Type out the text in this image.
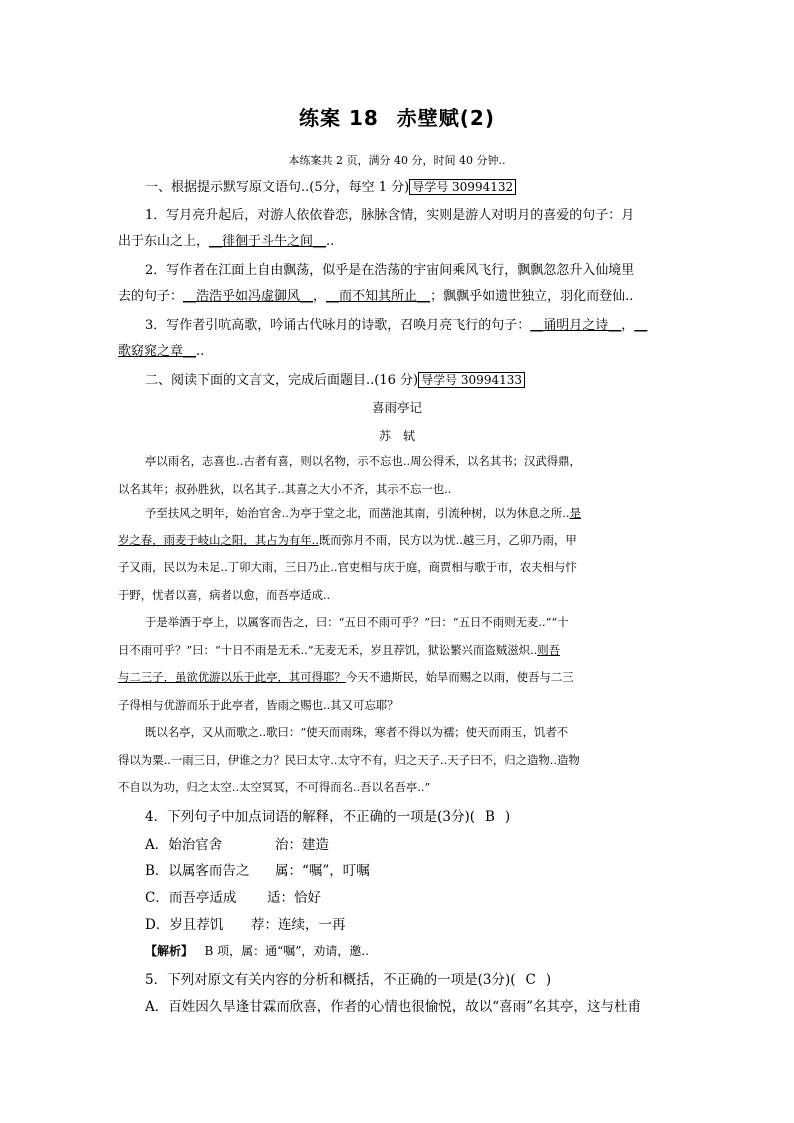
练案 18 赤壁赋(2)
本练案共 2 页，满分 40 分，时间 40 分钟..
一、根据提示默写原文语句..(5分，每空 1 分) 导学号 30994132
1．写月亮升起后，对游人依依眷恋，脉脉含情，实则是游人对明月的喜爱的句子：月
出于东山之上，__徘徊于斗牛之间__..
2．写作者在江面上自由飘荡，似乎是在浩荡的宇宙间乘风飞行，飘飘忽忽升入仙境里
去的句子：__浩浩乎如冯虚御风__，__而不知其所止__；飘飘乎如遗世独立，羽化而登仙..
3．写作者引吭高歌，吟诵古代咏月的诗歌，召唤月亮飞行的句子：__诵明月之诗__，__
歌窈窕之章__..
二、阅读下面的文言文，完成后面题目..(16 分) 导学号 30994133
喜雨亭记
苏　轼
亭以雨名，志喜也..古者有喜，则以名物，示不忘也..周公得禾，以名其书；汉武得鼎，
以名其年；叔孙胜狄，以名其子..其喜之大小不齐，其示不忘一也..
予至扶风之明年，始治官舍..为亭于堂之北，而凿池其南，引流种树，以为休息之所..是
岁之春，雨麦于岐山之阳，其占为有年..既而弥月不雨，民方以为忧..越三月，乙卯乃雨，甲
子又雨，民以为未足..丁卯大雨，三日乃止..官吏相与庆于庭，商贾相与歌于市，农夫相与忭
于野，忧者以喜，病者以愈，而吾亭适成..
于是举酒于亭上，以属客而告之，曰：“五日不雨可乎？”曰：“五日不雨则无麦..”“十
日不雨可乎？”曰：“十日不雨是无禾..”无麦无禾，岁且荐饥，狱讼繁兴而盗贼滋炽..则吾
与二三子，虽欲优游以乐于此亭，其可得耶？今天不遗斯民，始旱而赐之以雨，使吾与二三
子得相与优游而乐于此亭者，皆雨之赐也..其又可忘耶？
既以名亭，又从而歌之..歌曰：“使天而雨珠，寒者不得以为襦；使天而雨玉，饥者不
得以为粟..一雨三日，伊谁之力？民曰太守..太守不有，归之天子..天子曰不，归之造物..造物
不自以为功，归之太空..太空冥冥，不可得而名..吾以名吾亭..”
4．下列句子中加点词语的解释，不正确的一项是(3分)( B )
A．始治官舍	治：建造
B．以属客而告之 属：“嘱”，叮嘱
C．而吾亭适成 适：恰好
D．岁且荐饥 荐：连续，一再
【解析】 B 项，属：通“嘱”，劝请，邀..
5．下列对原文有关内容的分析和概括，不正确的一项是(3分)( C )
A．百姓因久旱逢甘霖而欣喜，作者的心情也很愉悦，故以“喜雨”名其亭，这与杜甫
